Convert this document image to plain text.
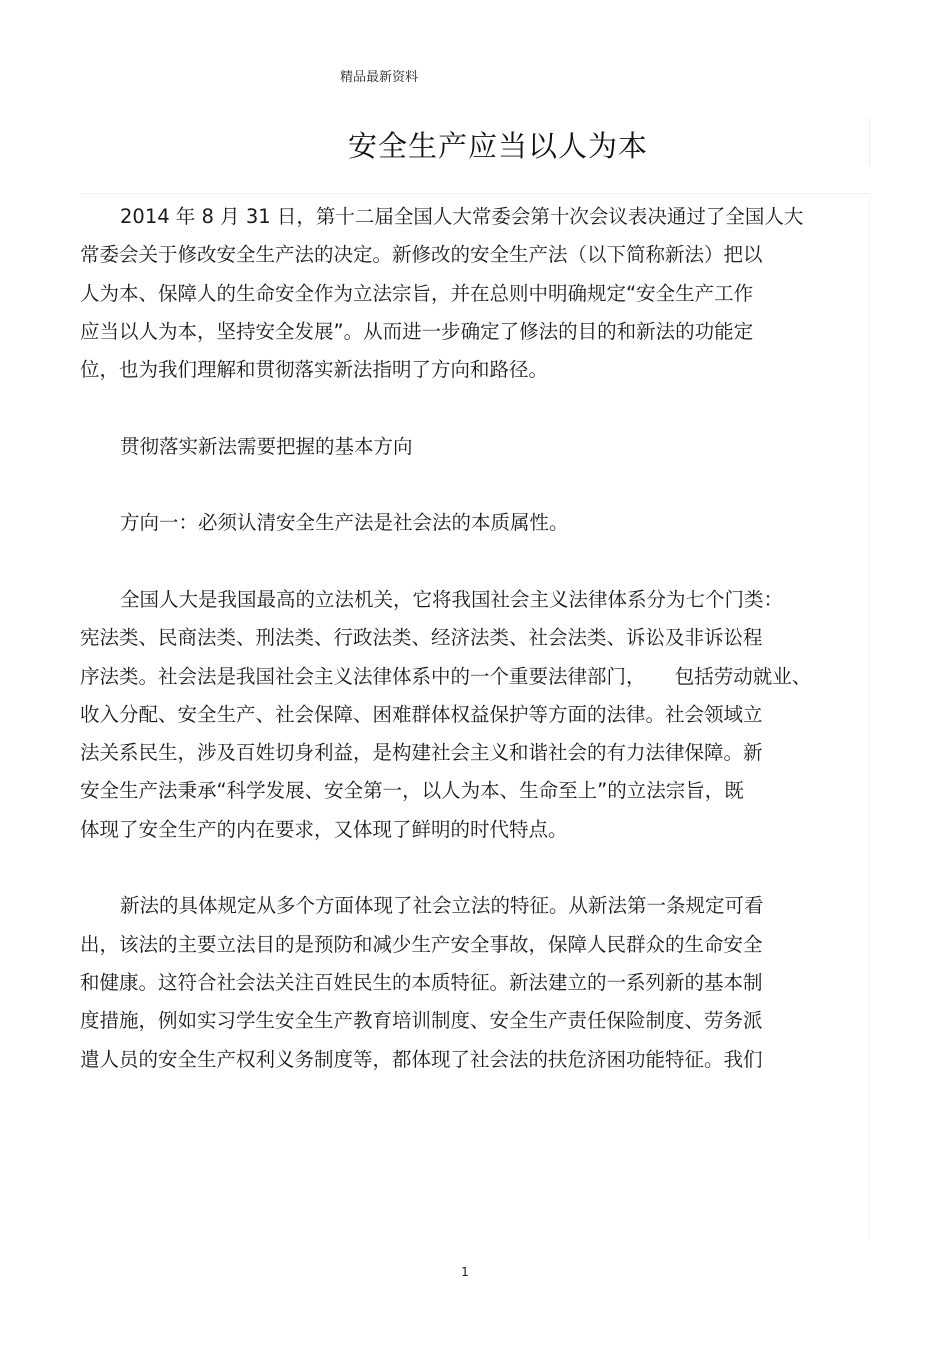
精品最新资料
安全生产应当以人为本

2014 年 8 月 31 日，第十二届全国人大常委会第十次会议表决通过了全国人大
常委会关于修改安全生产法的决定。新修改的安全生产法（以下简称新法）把以
人为本、保障人的生命安全作为立法宗旨，并在总则中明确规定“安全生产工作
应当以人为本，坚持安全发展”。从而进一步确定了修法的目的和新法的功能定
位，也为我们理解和贯彻落实新法指明了方向和路径。

贯彻落实新法需要把握的基本方向

方向一：必须认清安全生产法是社会法的本质属性。

全国人大是我国最高的立法机关，它将我国社会主义法律体系分为七个门类：
宪法类、民商法类、刑法类、行政法类、经济法类、社会法类、诉讼及非诉讼程
序法类。社会法是我国社会主义法律体系中的一个重要法律部门，　　包括劳动就业、
收入分配、安全生产、社会保障、困难群体权益保护等方面的法律。社会领域立
法关系民生，涉及百姓切身利益，是构建社会主义和谐社会的有力法律保障。新
安全生产法秉承“科学发展、安全第一，以人为本、生命至上”的立法宗旨，既
体现了安全生产的内在要求，又体现了鲜明的时代特点。

新法的具体规定从多个方面体现了社会立法的特征。从新法第一条规定可看
出，该法的主要立法目的是预防和减少生产安全事故，保障人民群众的生命安全
和健康。这符合社会法关注百姓民生的本质特征。新法建立的一系列新的基本制
度措施，例如实习学生安全生产教育培训制度、安全生产责任保险制度、劳务派
遣人员的安全生产权利义务制度等，都体现了社会法的扶危济困功能特征。我们

1
